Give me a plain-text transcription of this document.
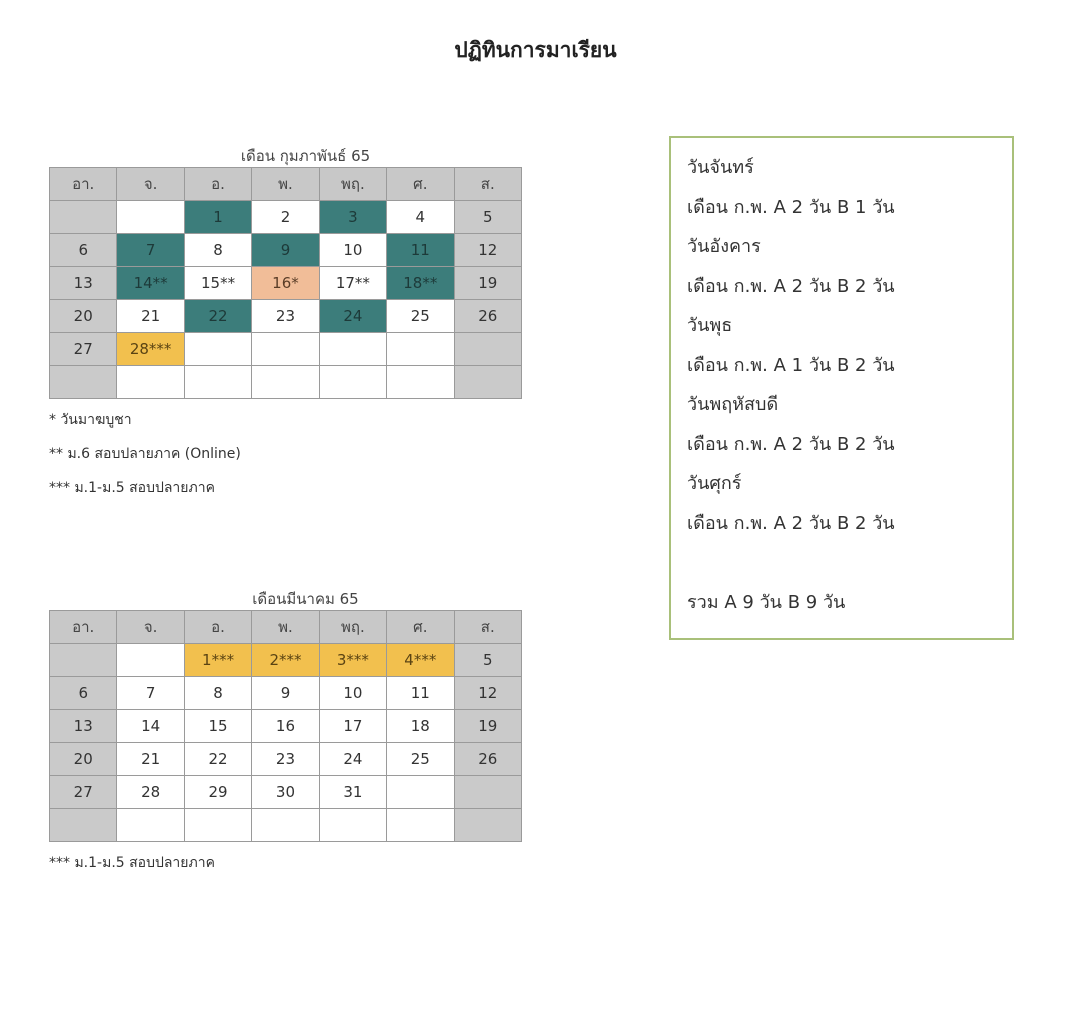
ปฏิทินการมาเรียน
เดือน กุมภาพันธ์ 65
อา.	จ.	อ.	พ.	พฤ.	ศ.	ส.
		1	2	3	4	5
6	7	8	9	10	11	12
13	14**	15**	16*	17**	18**	19
20	21	22	23	24	25	26
27	28***					

* วันมาฆบูชา
** ม.6 สอบปลายภาค (Online)
*** ม.1-ม.5 สอบปลายภาค
เดือนมีนาคม 65
อา.	จ.	อ.	พ.	พฤ.	ศ.	ส.
		1***	2***	3***	4***	5
6	7	8	9	10	11	12
13	14	15	16	17	18	19
20	21	22	23	24	25	26
27	28	29	30	31		

*** ม.1-ม.5 สอบปลายภาค
วันจันทร์
เดือน ก.พ. A 2 วัน B 1 วัน
วันอังคาร
เดือน ก.พ. A 2 วัน B 2 วัน
วันพุธ
เดือน ก.พ. A 1 วัน B 2 วัน
วันพฤหัสบดี
เดือน ก.พ. A 2 วัน B 2 วัน
วันศุกร์
เดือน ก.พ. A 2 วัน B 2 วัน
รวม A 9 วัน B 9 วัน
